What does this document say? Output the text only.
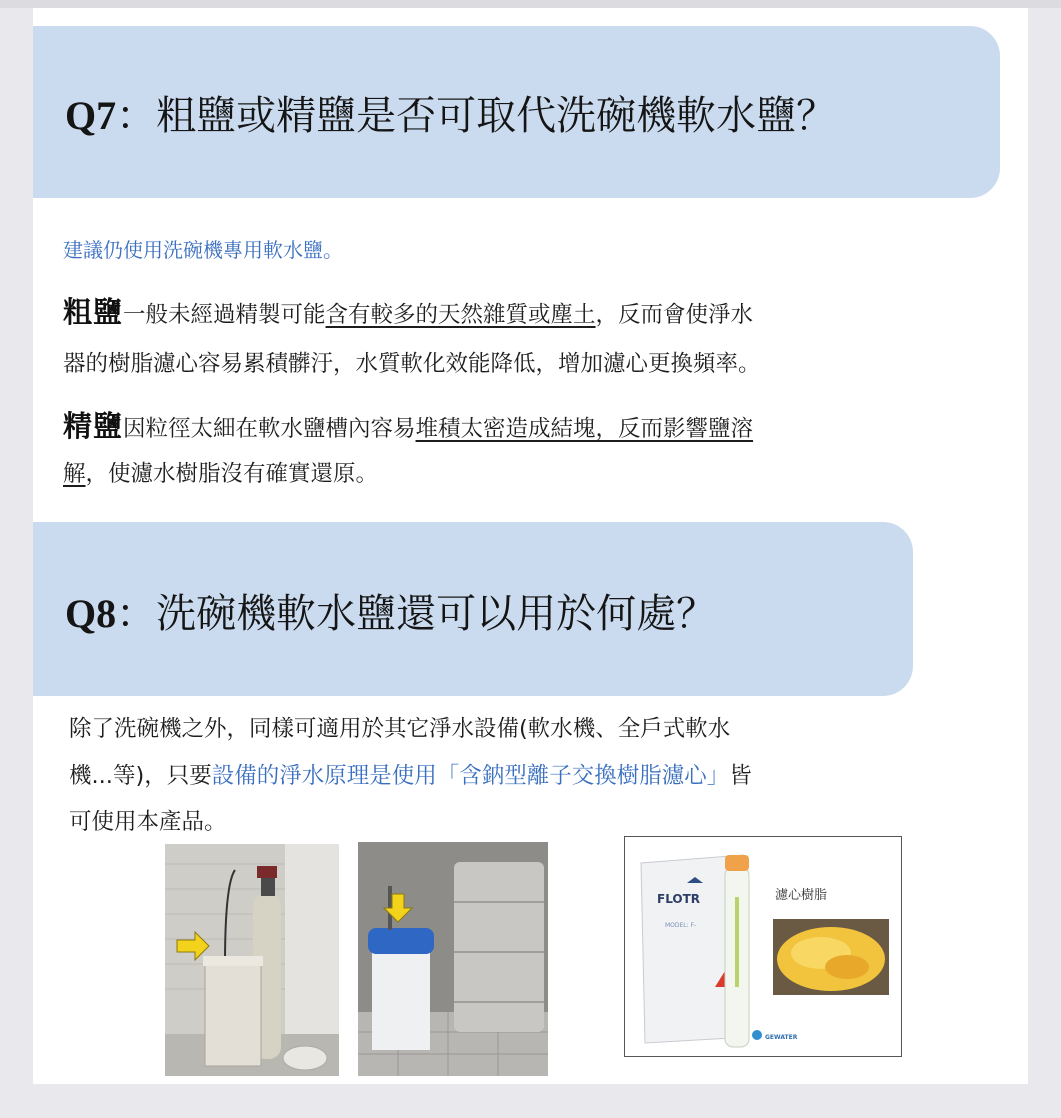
Q7：粗鹽或精鹽是否可取代洗碗機軟水鹽？
建議仍使用洗碗機專用軟水鹽。
粗鹽一般未經過精製可能含有較多的天然雜質或塵土，反而會使淨水
器的樹脂濾心容易累積髒汙，水質軟化效能降低，增加濾心更換頻率。
精鹽因粒徑太細在軟水鹽槽內容易堆積太密造成結塊，反而影響鹽溶
解，使濾水樹脂沒有確實還原。
Q8：洗碗機軟水鹽還可以用於何處？
除了洗碗機之外，同樣可適用於其它淨水設備(軟水機、全戶式軟水
機...等)，只要設備的淨水原理是使用「含鈉型離子交換樹脂濾心」皆
可使用本產品。
FLOTR
MODEL: F-
GEWATER
濾心樹脂
